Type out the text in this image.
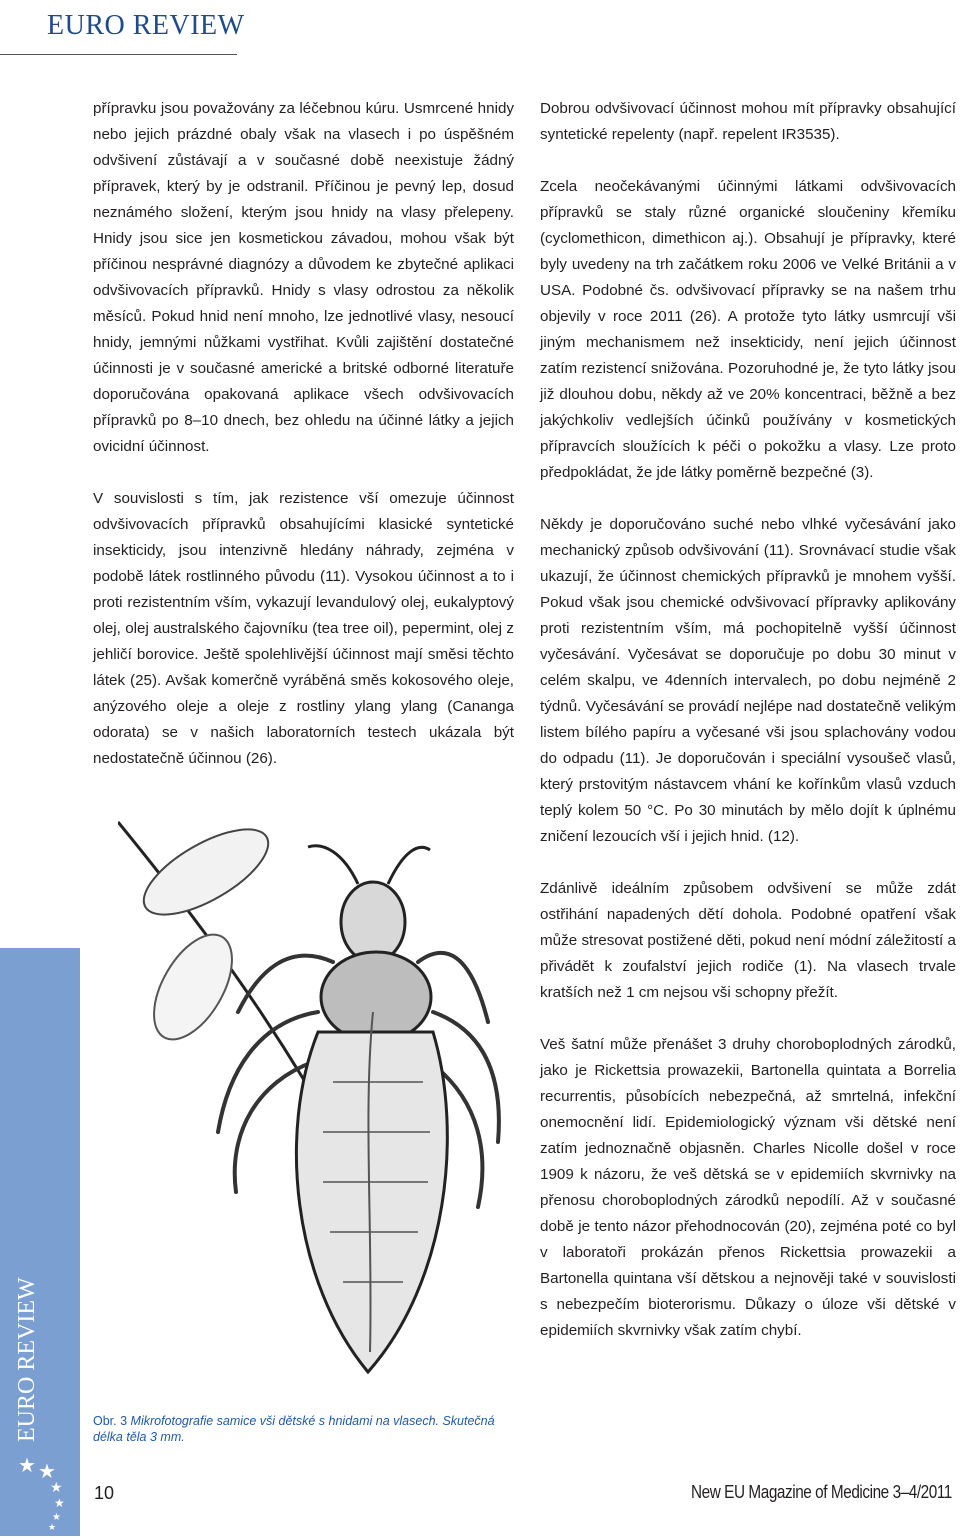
EURO REVIEW

přípravku jsou považovány za léčebnou kúru. Usmrcené hnidy nebo jejich prázdné obaly však na vlasech i po úspěšném odvšivení zůstávají a v současné době neexistuje žádný přípravek, který by je odstranil. Příčinou je pevný lep, dosud neznámého složení, kterým jsou hnidy na vlasy přelepeny. Hnidy jsou sice jen kosmetickou závadou, mohou však být příčinou nesprávné diagnózy a důvodem ke zbytečné aplikaci odvšivovacích přípravků. Hnidy s vlasy odrostou za několik měsíců. Pokud hnid není mnoho, lze jednotlivé vlasy, nesoucí hnidy, jemnými nůžkami vystřihat. Kvůli zajištění dostatečné účinnosti je v současné americké a britské odborné literatuře doporučována opakovaná aplikace všech odvšivovacích přípravků po 8–10 dnech, bez ohledu na účinné látky a jejich ovicidní účinnost.

V souvislosti s tím, jak rezistence vší omezuje účinnost odvšivovacích přípravků obsahujícími klasické syntetické insekticidy, jsou intenzivně hledány náhrady, zejména v podobě látek rostlinného původu (11). Vysokou účinnost a to i proti rezistentním vším, vykazují levandulový olej, eukalyptový olej, olej australského čajovníku (tea tree oil), pepermint, olej z jehličí borovice. Ještě spolehlivější účinnost mají směsi těchto látek (25). Avšak komerčně vyráběná směs kokosového oleje, anýzového oleje a oleje z rostliny ylang ylang (Cananga odorata) se v našich laboratorních testech ukázala být nedostatečně účinnou (26).

Dobrou odvšivovací účinnost mohou mít přípravky obsahující syntetické repelenty (např. repelent IR3535).

Zcela neočekávanými účinnými látkami odvšivovacích přípravků se staly různé organické sloučeniny křemíku (cyclomethicon, dimethicon aj.). Obsahují je přípravky, které byly uvedeny na trh začátkem roku 2006 ve Velké Británii a v USA. Podobné čs. odvšivovací přípravky se na našem trhu objevily v roce 2011 (26). A protože tyto látky usmrcují vši jiným mechanismem než insekticidy, není jejich účinnost zatím rezistencí snižována. Pozoruhodné je, že tyto látky jsou již dlouhou dobu, někdy až ve 20% koncentraci, běžně a bez jakýchkoliv vedlejších účinků používány v kosmetických přípravcích sloužících k péči o pokožku a vlasy. Lze proto předpokládat, že jde látky poměrně bezpečné (3).

Někdy je doporučováno suché nebo vlhké vyčesávání jako mechanický způsob odvšivování (11). Srovnávací studie však ukazují, že účinnost chemických přípravků je mnohem vyšší. Pokud však jsou chemické odvšivovací přípravky aplikovány proti rezistentním vším, má pochopitelně vyšší účinnost vyčesávání. Vyčesávat se doporučuje po dobu 30 minut v celém skalpu, ve 4denních intervalech, po dobu nejméně 2 týdnů. Vyčesávání se provádí nejlépe nad dostatečně velikým listem bílého papíru a vyčesané vši jsou splachovány vodou do odpadu (11). Je doporučován i speciální vysoušeč vlasů, který prstovitým nástavcem vhání ke kořínkům vlasů vzduch teplý kolem 50 °C. Po 30 minutách by mělo dojít k úplnému zničení lezoucích vší i jejich hnid. (12).

Zdánlivě ideálním způsobem odvšivení se může zdát ostřihání napadených dětí dohola. Podobné opatření však může stresovat postižené děti, pokud není módní záležitostí a přivádět k zoufalství jejich rodiče (1). Na vlasech trvale kratších než 1 cm nejsou vši schopny přežít.

Veš šatní může přenášet 3 druhy choroboplodných zárodků, jako je Rickettsia prowazekii, Bartonella quintata a Borrelia recurrentis, působících nebezpečná, až smrtelná, infekční onemocnění lidí. Epidemiologický význam vši dětské není zatím jednoznačně objasněn. Charles Nicolle došel v roce 1909 k názoru, že veš dětská se v epidemiích skvrnivky na přenosu choroboplodných zárodků nepodílí. Až v současné době je tento názor přehodnocován (20), zejména poté co byl v laboratoři prokázán přenos Rickettsia prowazekii a Bartonella quintana vší dětskou a nejnověji také v souvislosti s nebezpečím bioterorismu. Důkazy o úloze vši dětské v epidemiích skvrnivky však zatím chybí.

Obr. 3 Mikrofotografie samice vši dětské s hnidami na vlasech. Skutečná délka těla 3 mm.
EURO REVIEW
★ ★
★
★
★
★
10	New EU Magazine of Medicine 3–4/2011
